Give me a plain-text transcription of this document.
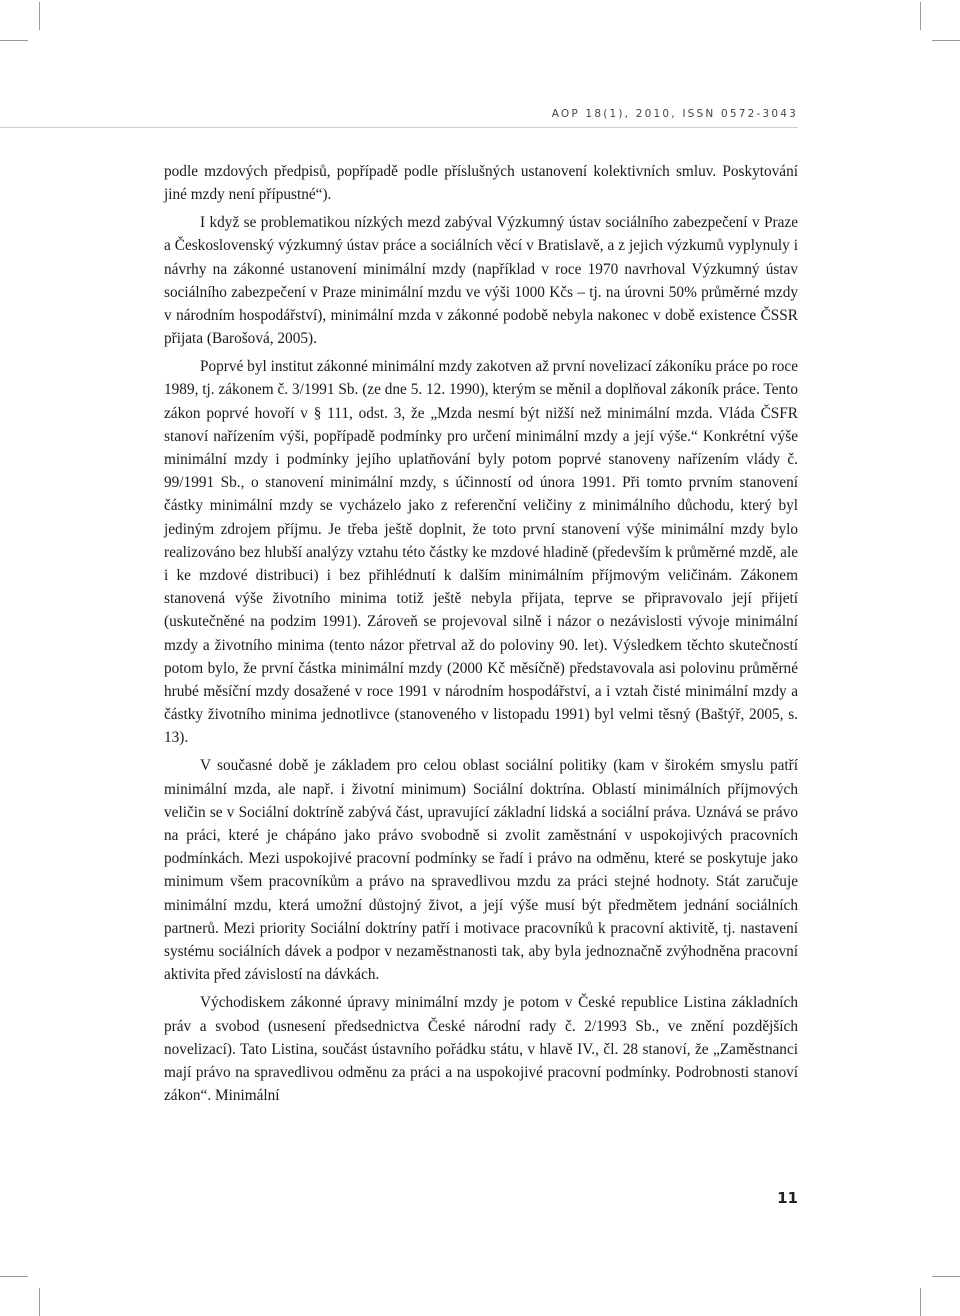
AOP 18(1), 2010, ISSN 0572-3043

podle mzdových předpisů, popřípadě podle příslušných ustanovení kolektivních smluv. Poskytování jiné mzdy není přípustné“).

I když se problematikou nízkých mezd zabýval Výzkumný ústav sociálního zabezpečení v Praze a Československý výzkumný ústav práce a sociálních věcí v Bratislavě, a z jejich výzkumů vyplynuly i návrhy na zákonné ustanovení minimální mzdy (například v roce 1970 navrhoval Výzkumný ústav sociálního zabezpečení v Praze minimální mzdu ve výši 1000 Kčs – tj. na úrovni 50% průměrné mzdy v národním hospodářství), minimální mzda v zákonné podobě nebyla nakonec v době existence ČSSR přijata (Barošová, 2005).

Poprvé byl institut zákonné minimální mzdy zakotven až první novelizací zákoníku práce po roce 1989, tj. zákonem č. 3/1991 Sb. (ze dne 5. 12. 1990), kterým se měnil a doplňoval zákoník práce. Tento zákon poprvé hovoří v § 111, odst. 3, že „Mzda nesmí být nižší než minimální mzda. Vláda ČSFR stanoví nařízením výši, popřípadě podmínky pro určení minimální mzdy a její výše.“ Konkrétní výše minimální mzdy i podmínky jejího uplatňování byly potom poprvé stanoveny nařízením vlády č. 99/1991 Sb., o stanovení minimální mzdy, s účinností od února 1991. Při tomto prvním stanovení částky minimální mzdy se vycházelo jako z referenční veličiny z minimálního důchodu, který byl jediným zdrojem příjmu. Je třeba ještě doplnit, že toto první stanovení výše minimální mzdy bylo realizováno bez hlubší analýzy vztahu této částky ke mzdové hladině (především k průměrné mzdě, ale i ke mzdové distribuci) i bez přihlédnutí k dalším minimálním příjmovým veličinám. Zákonem stanovená výše životního minima totiž ještě nebyla přijata, teprve se připravovalo její přijetí (uskutečněné na podzim 1991). Zároveň se projevoval silně i názor o nezávislosti vývoje minimální mzdy a životního minima (tento názor přetrval až do poloviny 90. let). Výsledkem těchto skutečností potom bylo, že první částka minimální mzdy (2000 Kč měsíčně) představovala asi polovinu průměrné hrubé měsíční mzdy dosažené v roce 1991 v národním hospodářství, a i vztah čisté minimální mzdy a částky životního minima jednotlivce (stanoveného v listopadu 1991) byl velmi těsný (Baštýř, 2005, s. 13).

V současné době je základem pro celou oblast sociální politiky (kam v širokém smyslu patří minimální mzda, ale např. i životní minimum) Sociální doktrína. Oblastí minimálních příjmových veličin se v Sociální doktríně zabývá část, upravující základní lidská a sociální práva. Uznává se právo na práci, které je chápáno jako právo svobodně si zvolit zaměstnání v uspokojivých pracovních podmínkách. Mezi uspokojivé pracovní podmínky se řadí i právo na odměnu, které se poskytuje jako minimum všem pracovníkům a právo na spravedlivou mzdu za práci stejné hodnoty. Stát zaručuje minimální mzdu, která umožní důstojný život, a její výše musí být předmětem jednání sociálních partnerů. Mezi priority Sociální doktríny patří i motivace pracovníků k pracovní aktivitě, tj. nastavení systému sociálních dávek a podpor v nezaměstnanosti tak, aby byla jednoznačně zvýhodněna pracovní aktivita před závislostí na dávkách.

Východiskem zákonné úpravy minimální mzdy je potom v České republice Listina základních práv a svobod (usnesení předsednictva České národní rady č. 2/1993 Sb., ve znění pozdějších novelizací). Tato Listina, součást ústavního pořádku státu, v hlavě IV., čl. 28 stanoví, že „Zaměstnanci mají právo na spravedlivou odměnu za práci a na uspokojivé pracovní podmínky. Podrobnosti stanoví zákon“. Minimální

11
